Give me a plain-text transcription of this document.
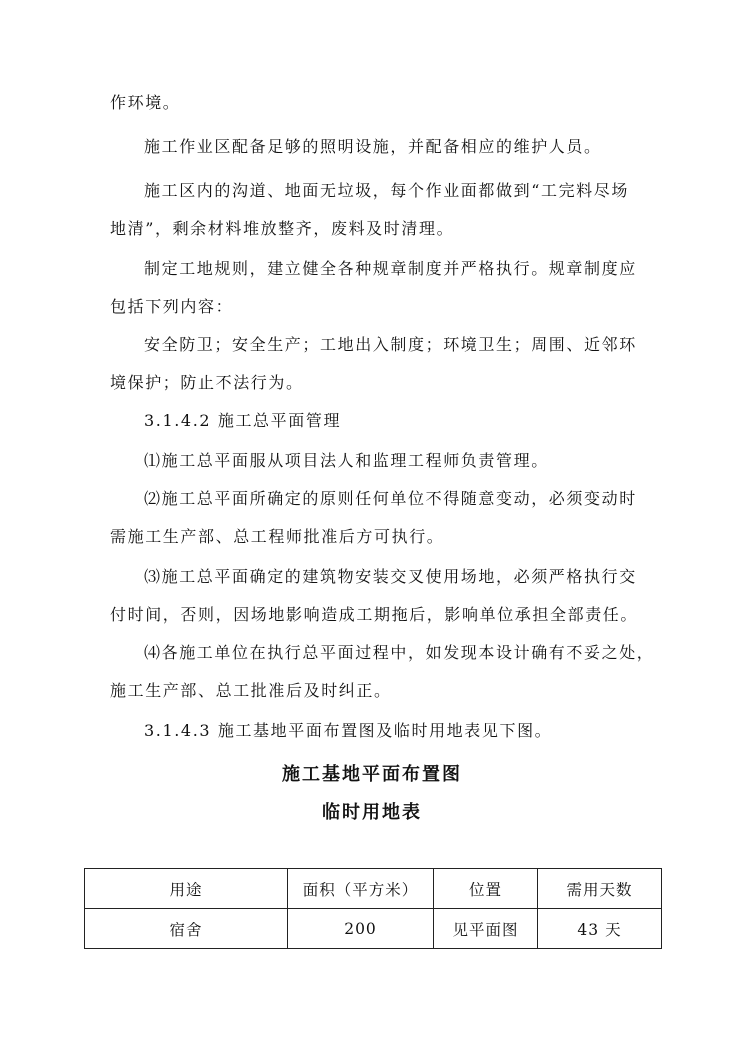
作环境。
施工作业区配备足够的照明设施，并配备相应的维护人员。
施工区内的沟道、地面无垃圾，每个作业面都做到“工完料尽场
地清”，剩余材料堆放整齐，废料及时清理。
制定工地规则，建立健全各种规章制度并严格执行。规章制度应
包括下列内容：
安全防卫；安全生产；工地出入制度；环境卫生；周围、近邻环
境保护；防止不法行为。
3.1.4.2 施工总平面管理
⑴施工总平面服从项目法人和监理工程师负责管理。
⑵施工总平面所确定的原则任何单位不得随意变动，必须变动时
需施工生产部、总工程师批准后方可执行。
⑶施工总平面确定的建筑物安装交叉使用场地，必须严格执行交
付时间，否则，因场地影响造成工期拖后，影响单位承担全部责任。
⑷各施工单位在执行总平面过程中，如发现本设计确有不妥之处，
施工生产部、总工批准后及时纠正。
3.1.4.3 施工基地平面布置图及临时用地表见下图。
施工基地平面布置图
临时用地表
用途	面积（平方米）	位置	需用天数
宿舍	200	见平面图	43 天
